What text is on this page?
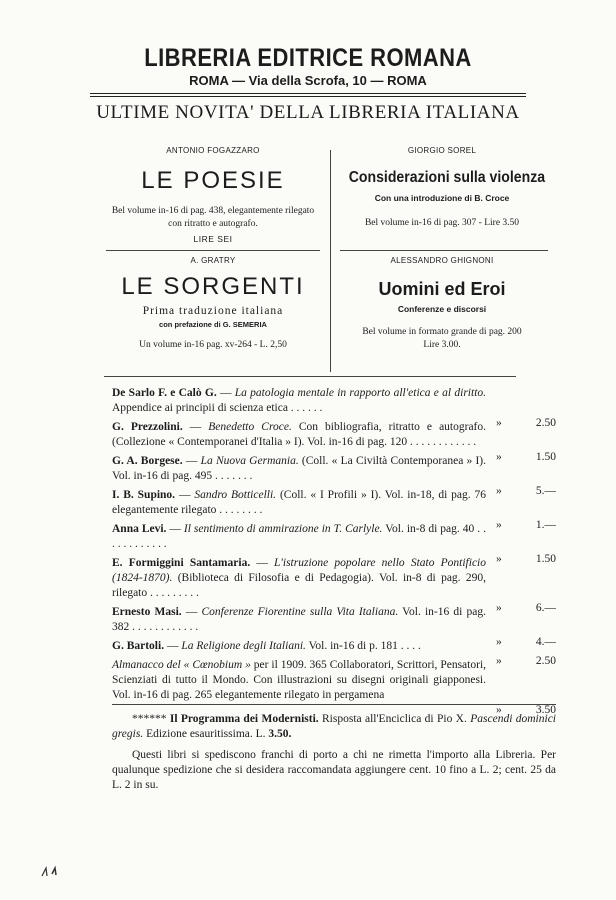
LIBRERIA EDITRICE ROMANA
ROMA — Via della Scrofa, 10 — ROMA
ULTIME NOVITA' DELLA LIBRERIA ITALIANA
ANTONIO FOGAZZARO
LE POESIE
Bel volume in-16 di pag. 438, elegantemente rilegato con ritratto e autografo.
LIRE SEI
GIORGIO SOREL
Considerazioni sulla violenza
Con una introduzione di B. Croce
Bel volume in-16 di pag. 307 - Lire 3.50
A. GRATRY
LE SORGENTI
Prima traduzione italiana
con prefazione di G. SEMERIA
Un volume in-16 pag. xv-264 - L. 2,50
ALESSANDRO GHIGNONI
Uomini ed Eroi
Conferenze e discorsi
Bel volume in formato grande di pag. 200
Lire 3.00.
De Sarlo F. e Calò G. — La patologia mentale in rapporto all'etica e al diritto. Appendice ai principii di scienza etica . . . . . .
»	2.50
G. Prezzolini. — Benedetto Croce. Con bibliografia, ritratto e autografo. (Collezione « Contemporanei d'Italia » I). Vol. in-16 di pag. 120 . . . . . . . . . . . .
»	1.50
G. A. Borgese. — La Nuova Germania. (Coll. « La Civiltà Contemporanea » I). Vol. in-16 di pag. 495 . . . . . . .
»	5.—
I. B. Supino. — Sandro Botticelli. (Coll. « I Profili » I). Vol. in-18, di pag. 76 elegantemente rilegato . . . . . . . .
»	1.—
Anna Levi. — Il sentimento di ammirazione in T. Carlyle. Vol. in-8 di pag. 40 . . . . . . . . . . . .
»	1.50
E. Formiggini Santamaria. — L'istruzione popolare nello Stato Pontificio (1824-1870). (Biblioteca di Filosofia e di Pedagogia). Vol. in-8 di pag. 290, rilegato . . . . . . . . .
»	6.—
Ernesto Masi. — Conferenze Fiorentine sulla Vita Italiana. Vol. in-16 di pag. 382 . . . . . . . . . . . .
»	4.—
G. Bartoli. — La Religione degli Italiani. Vol. in-16 di p. 181 . . . .
»	2.50
Almanacco del « Cœnobium » per il 1909. 365 Collaboratori, Scrittori, Pensatori, Scienziati di tutto il Mondo. Con illustrazioni su disegni originali giapponesi. Vol. in-16 di pag. 265 elegantemente rilegato in pergamena
»	3.50

****** Il Programma dei Modernisti. Risposta all'Enciclica di Pio X. Pascendi dominici gregis. Edizione esauritissima. L. 3.50.

Questi libri si spediscono franchi di porto a chi ne rimetta l'importo alla Libreria. Per qualunque spedizione che si desidera raccomandata aggiungere cent. 10 fino a L. 2; cent. 25 da L. 2 in su.
